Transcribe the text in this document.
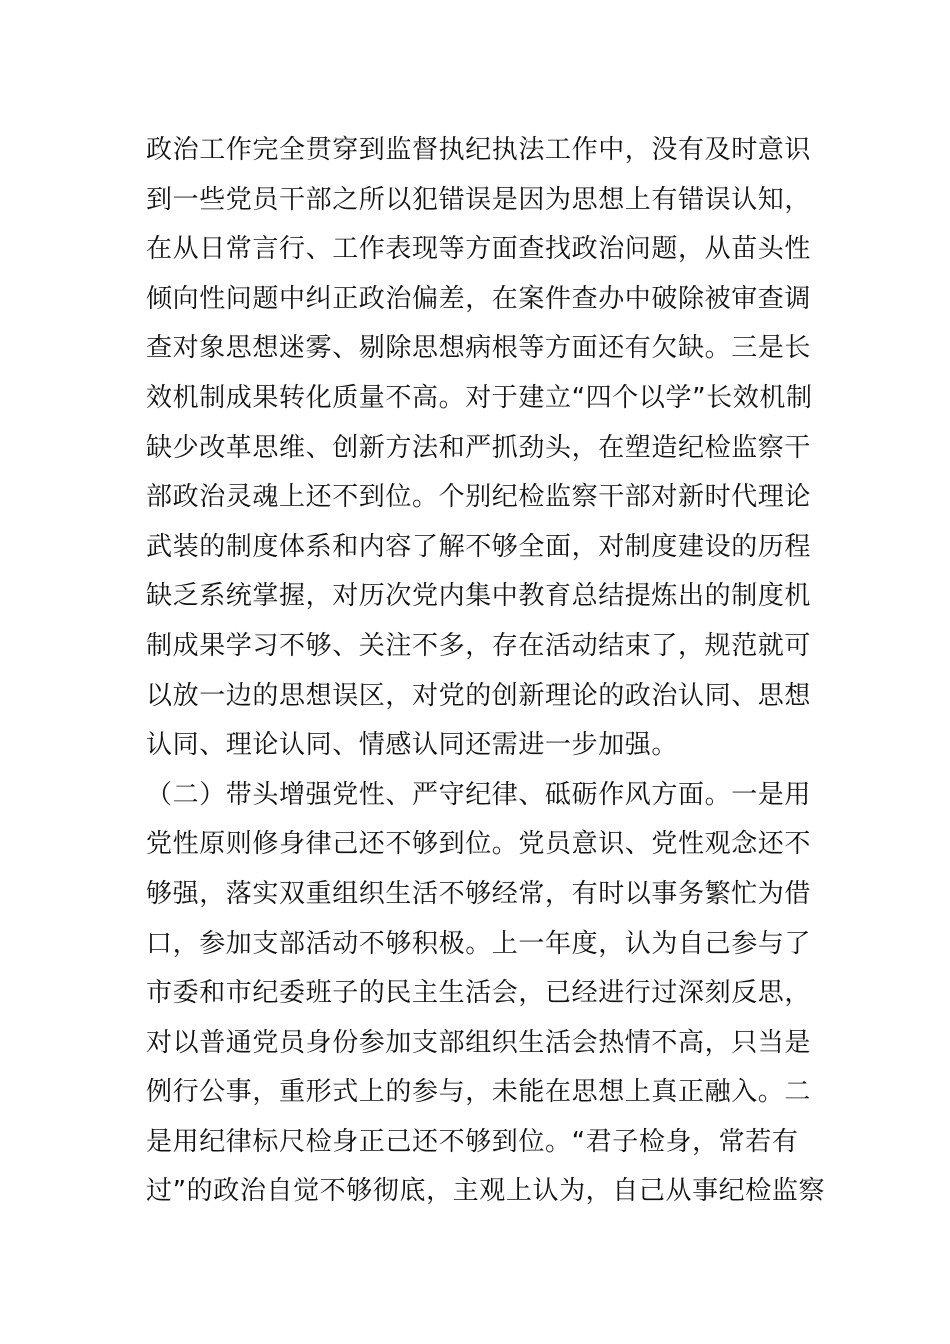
政治工作完全贯穿到监督执纪执法工作中，没有及时意识
到一些党员干部之所以犯错误是因为思想上有错误认知，
在从日常言行、工作表现等方面查找政治问题，从苗头性
倾向性问题中纠正政治偏差，在案件查办中破除被审查调
查对象思想迷雾、剔除思想病根等方面还有欠缺。三是长
效机制成果转化质量不高。对于建立“四个以学”长效机制
缺少改革思维、创新方法和严抓劲头，在塑造纪检监察干
部政治灵魂上还不到位。个别纪检监察干部对新时代理论
武装的制度体系和内容了解不够全面，对制度建设的历程
缺乏系统掌握，对历次党内集中教育总结提炼出的制度机
制成果学习不够、关注不多，存在活动结束了，规范就可
以放一边的思想误区，对党的创新理论的政治认同、思想
认同、理论认同、情感认同还需进一步加强。
（二）带头增强党性、严守纪律、砥砺作风方面。一是用
党性原则修身律己还不够到位。党员意识、党性观念还不
够强，落实双重组织生活不够经常，有时以事务繁忙为借
口，参加支部活动不够积极。上一年度，认为自己参与了
市委和市纪委班子的民主生活会，已经进行过深刻反思，
对以普通党员身份参加支部组织生活会热情不高，只当是
例行公事，重形式上的参与，未能在思想上真正融入。二
是用纪律标尺检身正己还不够到位。“君子检身，常若有
过”的政治自觉不够彻底，主观上认为，自己从事纪检监察
